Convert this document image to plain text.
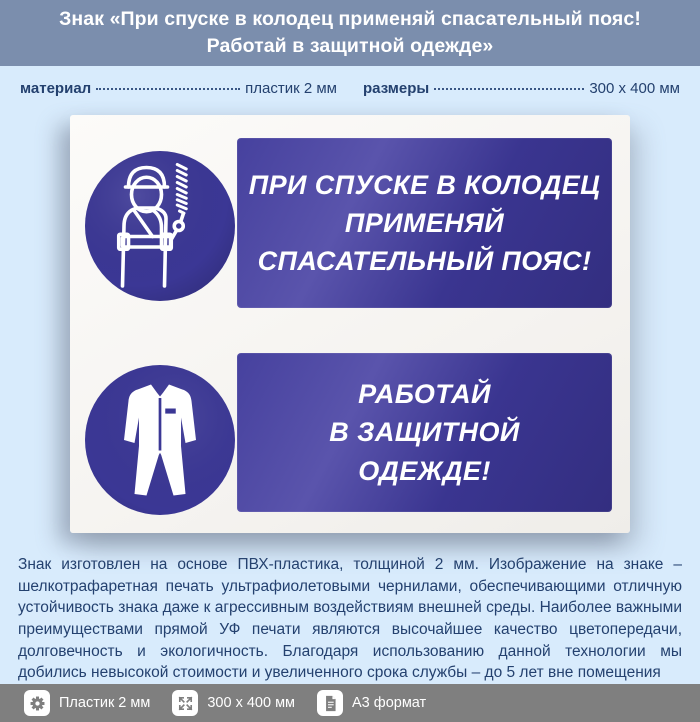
Знак «При спуске в колодец применяй спасательный пояс! Работай в защитной одежде»
материал	пластик 2 мм размеры	300 x 400 мм
ПРИ СПУСКЕ В КОЛОДЕЦ
ПРИМЕНЯЙ
СПАСАТЕЛЬНЫЙ ПОЯС!
РАБОТАЙ
В ЗАЩИТНОЙ
ОДЕЖДЕ!

Знак изготовлен на основе ПВХ-пластика, толщиной 2 мм. Изображение на знаке – шелкотрафаретная печать ультрафиолетовыми чернилами, обеспечивающими отличную устойчивость знака даже к агрессивным воздействиям внешней среды. Наиболее важными преимуществами прямой УФ печати являются высочайшее качество цветопередачи, долговечность и экологичность. Благодаря использованию данной технологии мы добились невысокой стоимости и увеличенного срока службы – до 5 лет вне помещения

Пластик 2 мм	300 x 400 мм	А3 формат
